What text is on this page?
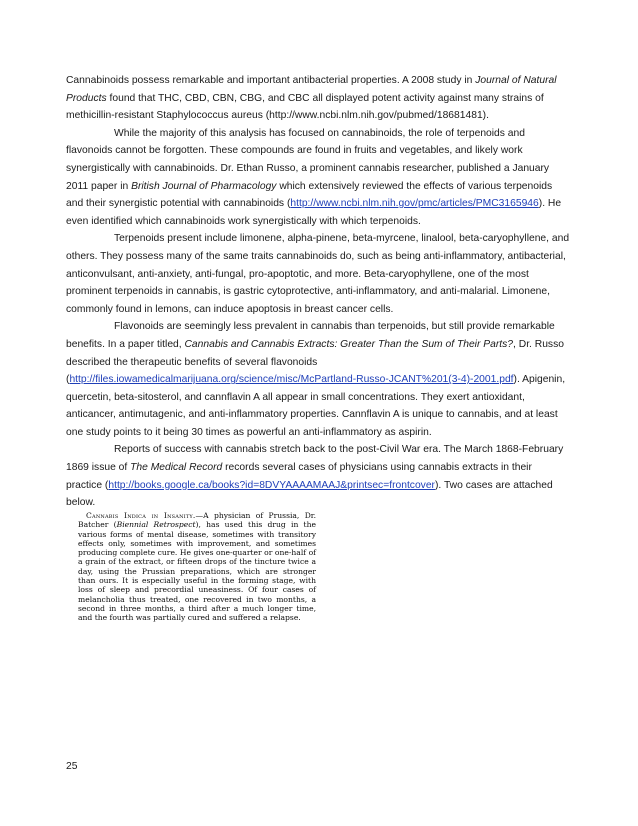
Cannabinoids possess remarkable and important antibacterial properties. A 2008 study in Journal of Natural Products found that THC, CBD, CBN, CBG, and CBC all displayed potent activity against many strains of methicillin-resistant Staphylococcus aureus (http://www.ncbi.nlm.nih.gov/pubmed/18681481).

While the majority of this analysis has focused on cannabinoids, the role of terpenoids and flavonoids cannot be forgotten. These compounds are found in fruits and vegetables, and likely work synergistically with cannabinoids. Dr. Ethan Russo, a prominent cannabis researcher, published a January 2011 paper in British Journal of Pharmacology which extensively reviewed the effects of various terpenoids and their synergistic potential with cannabinoids (http://www.ncbi.nlm.nih.gov/pmc/articles/PMC3165946). He even identified which cannabinoids work synergistically with which terpenoids.

Terpenoids present include limonene, alpha-pinene, beta-myrcene, linalool, beta-caryophyllene, and others. They possess many of the same traits cannabinoids do, such as being anti-inflammatory, antibacterial, anticonvulsant, anti-anxiety, anti-fungal, pro-apoptotic, and more. Beta-caryophyllene, one of the most prominent terpenoids in cannabis, is gastric cytoprotective, anti-inflammatory, and anti-malarial. Limonene, commonly found in lemons, can induce apoptosis in breast cancer cells.

Flavonoids are seemingly less prevalent in cannabis than terpenoids, but still provide remarkable benefits. In a paper titled, Cannabis and Cannabis Extracts: Greater Than the Sum of Their Parts?, Dr. Russo described the therapeutic benefits of several flavonoids (http://files.iowamedicalmarijuana.org/science/misc/McPartland-Russo-JCANT%201(3-4)-2001.pdf). Apigenin, quercetin, beta-sitosterol, and cannflavin A all appear in small concentrations. They exert antioxidant, anticancer, antimutagenic, and anti-inflammatory properties. Cannflavin A is unique to cannabis, and at least one study points to it being 30 times as powerful an anti-inflammatory as aspirin.

Reports of success with cannabis stretch back to the post-Civil War era. The March 1868-February 1869 issue of The Medical Record records several cases of physicians using cannabis extracts in their practice (http://books.google.ca/books?id=8DVYAAAAMAAJ&printsec=frontcover). Two cases are attached below.

Cannabis Indica in Insanity.—A physician of Prussia, Dr. Batcher (Biennial Retrospect), has used this drug in the various forms of mental disease, sometimes with transitory effects only, sometimes with improvement, and sometimes producing complete cure. He gives one-quarter or one-half of a grain of the extract, or fifteen drops of the tincture twice a day, using the Prussian preparations, which are stronger than ours. It is especially useful in the forming stage, with loss of sleep and precordial uneasiness. Of four cases of melancholia thus treated, one recovered in two months, a second in three months, a third after a much longer time, and the fourth was partially cured and suffered a relapse.
25
